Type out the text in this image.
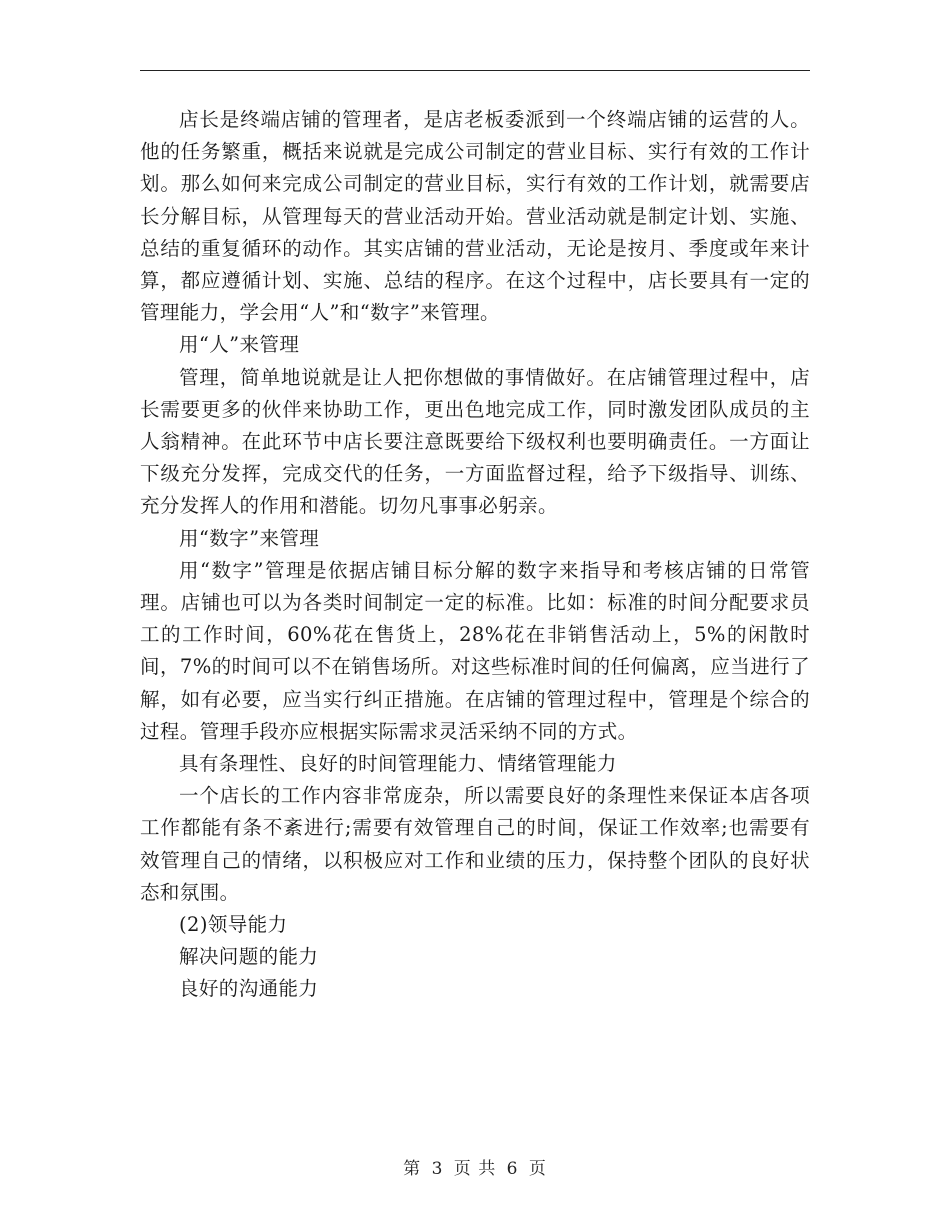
店长是终端店铺的管理者，是店老板委派到一个终端店铺的运营的人。他的任务繁重，概括来说就是完成公司制定的营业目标、实行有效的工作计划。那么如何来完成公司制定的营业目标，实行有效的工作计划，就需要店长分解目标，从管理每天的营业活动开始。营业活动就是制定计划、实施、总结的重复循环的动作。其实店铺的营业活动，无论是按月、季度或年来计算，都应遵循计划、实施、总结的程序。在这个过程中，店长要具有一定的管理能力，学会用“人”和“数字”来管理。

用“人”来管理

管理，简单地说就是让人把你想做的事情做好。在店铺管理过程中，店长需要更多的伙伴来协助工作，更出色地完成工作，同时激发团队成员的主人翁精神。在此环节中店长要注意既要给下级权利也要明确责任。一方面让下级充分发挥，完成交代的任务，一方面监督过程，给予下级指导、训练、充分发挥人的作用和潜能。切勿凡事事必躬亲。

用“数字”来管理

用“数字”管理是依据店铺目标分解的数字来指导和考核店铺的日常管理。店铺也可以为各类时间制定一定的标准。比如：标准的时间分配要求员工的工作时间，60%花在售货上，28%花在非销售活动上，5%的闲散时间，7%的时间可以不在销售场所。对这些标准时间的任何偏离，应当进行了解，如有必要，应当实行纠正措施。在店铺的管理过程中，管理是个综合的过程。管理手段亦应根据实际需求灵活采纳不同的方式。

具有条理性、良好的时间管理能力、情绪管理能力

一个店长的工作内容非常庞杂，所以需要良好的条理性来保证本店各项工作都能有条不紊进行;需要有效管理自己的时间，保证工作效率;也需要有效管理自己的情绪，以积极应对工作和业绩的压力，保持整个团队的良好状态和氛围。

(2)领导能力

解决问题的能力

良好的沟通能力

第 3 页 共 6 页
